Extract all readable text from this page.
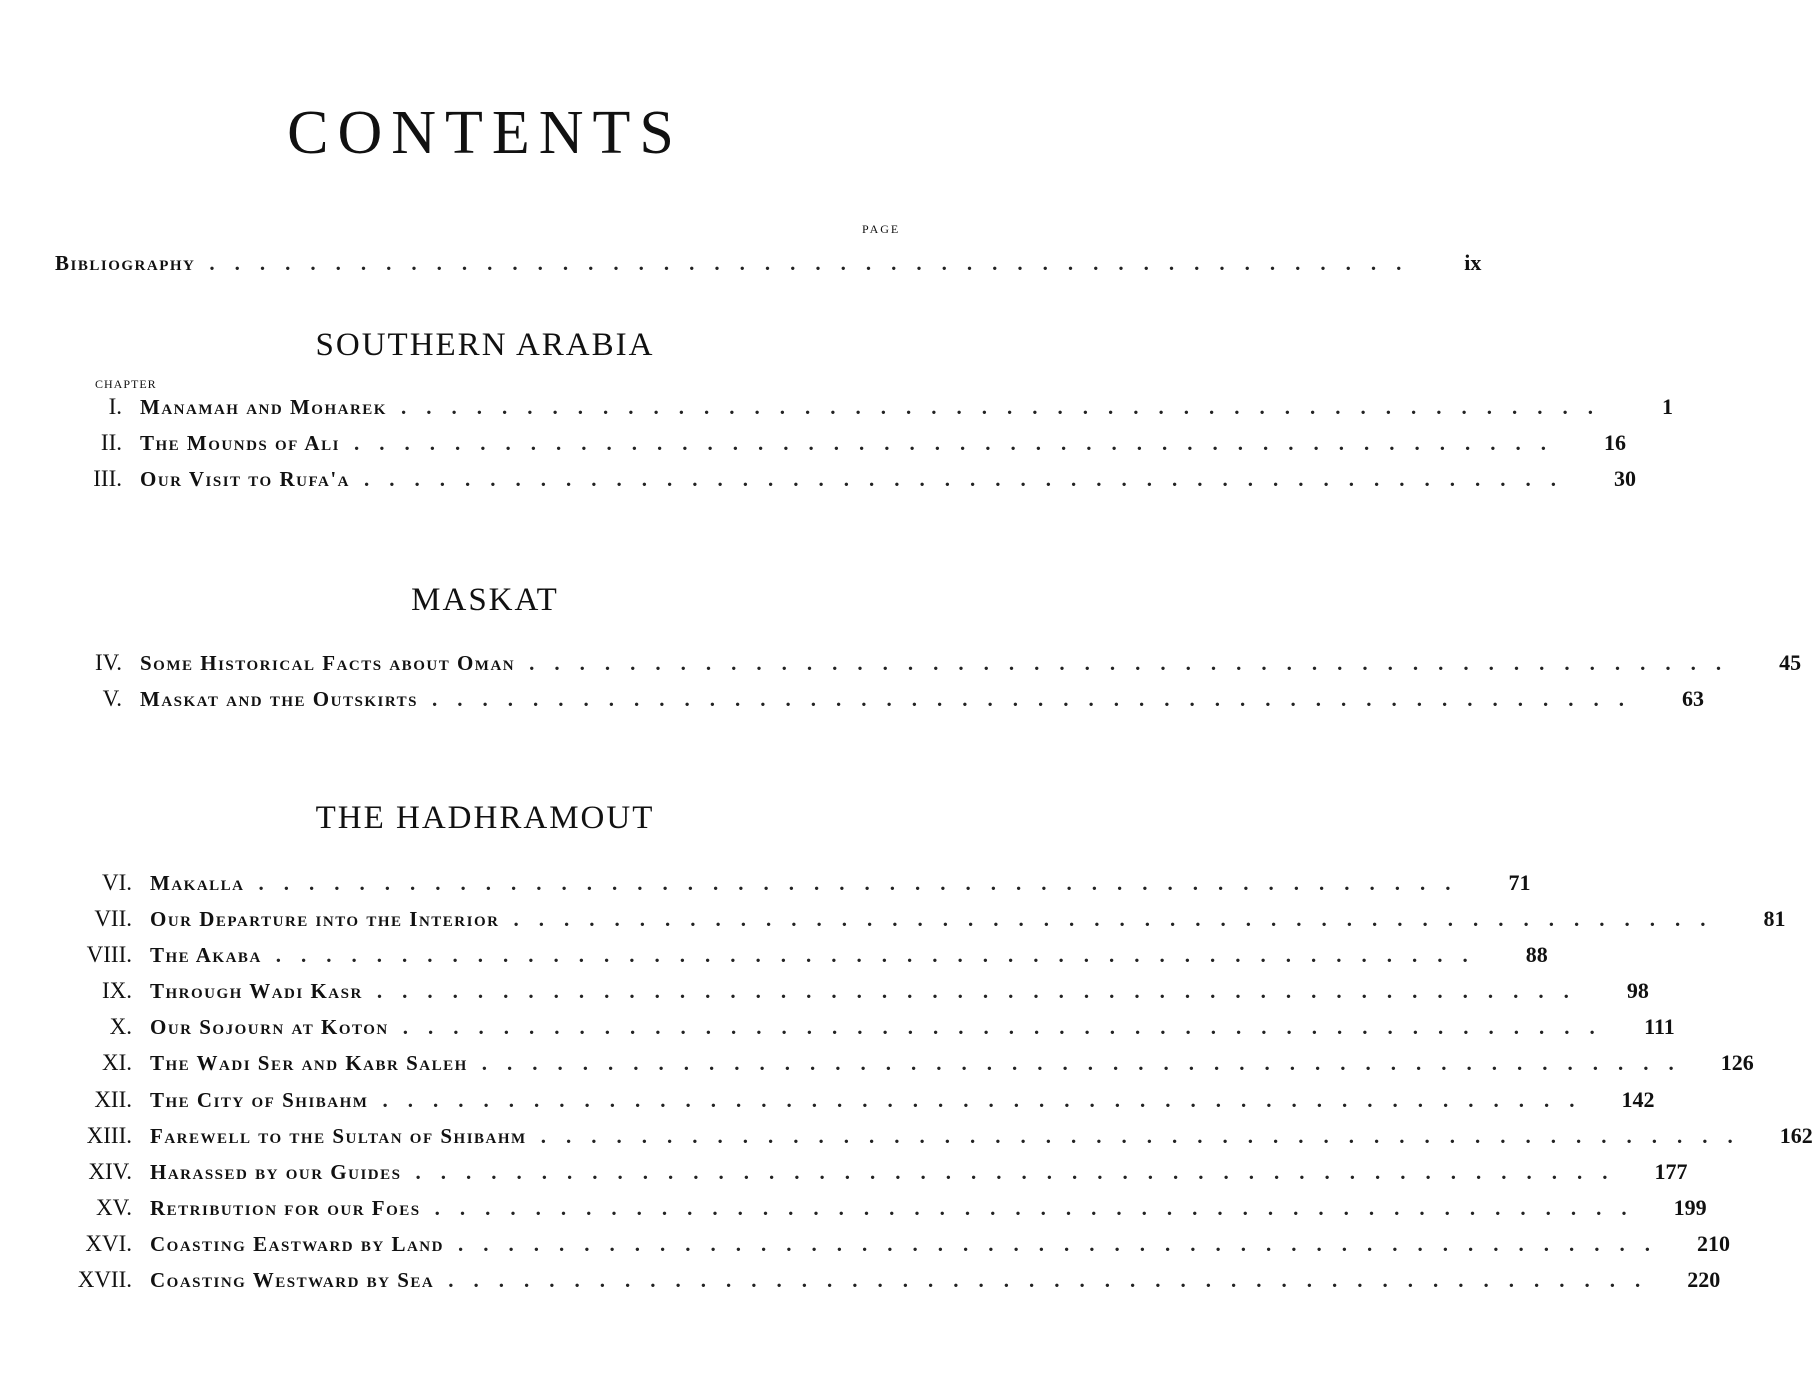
CONTENTS
PAGE
Bibliography ................................................	ix
SOUTHERN ARABIA
CHAPTER
I. Manamah and Moharek ................................................	1
II. The Mounds of Ali ................................................	16
III. Our Visit to Rufa'a ................................................	30
MASKAT
IV. Some Historical Facts about Oman ................................................	45
V. Maskat and the Outskirts ................................................	63
THE HADHRAMOUT
VI. Makalla ................................................	71
VII. Our Departure into the Interior ................................................	81
VIII. The Akaba ................................................	88
IX. Through Wadi Kasr ................................................	98
X. Our Sojourn at Koton ................................................	111
XI. The Wadi Ser and Kabr Saleh ................................................	126
XII. The City of Shibahm ................................................	142
XIII. Farewell to the Sultan of Shibahm ................................................	162
XIV. Harassed by our Guides ................................................	177
XV. Retribution for our Foes ................................................	199
XVI. Coasting Eastward by Land ................................................	210
XVII. Coasting Westward by Sea ................................................	220
